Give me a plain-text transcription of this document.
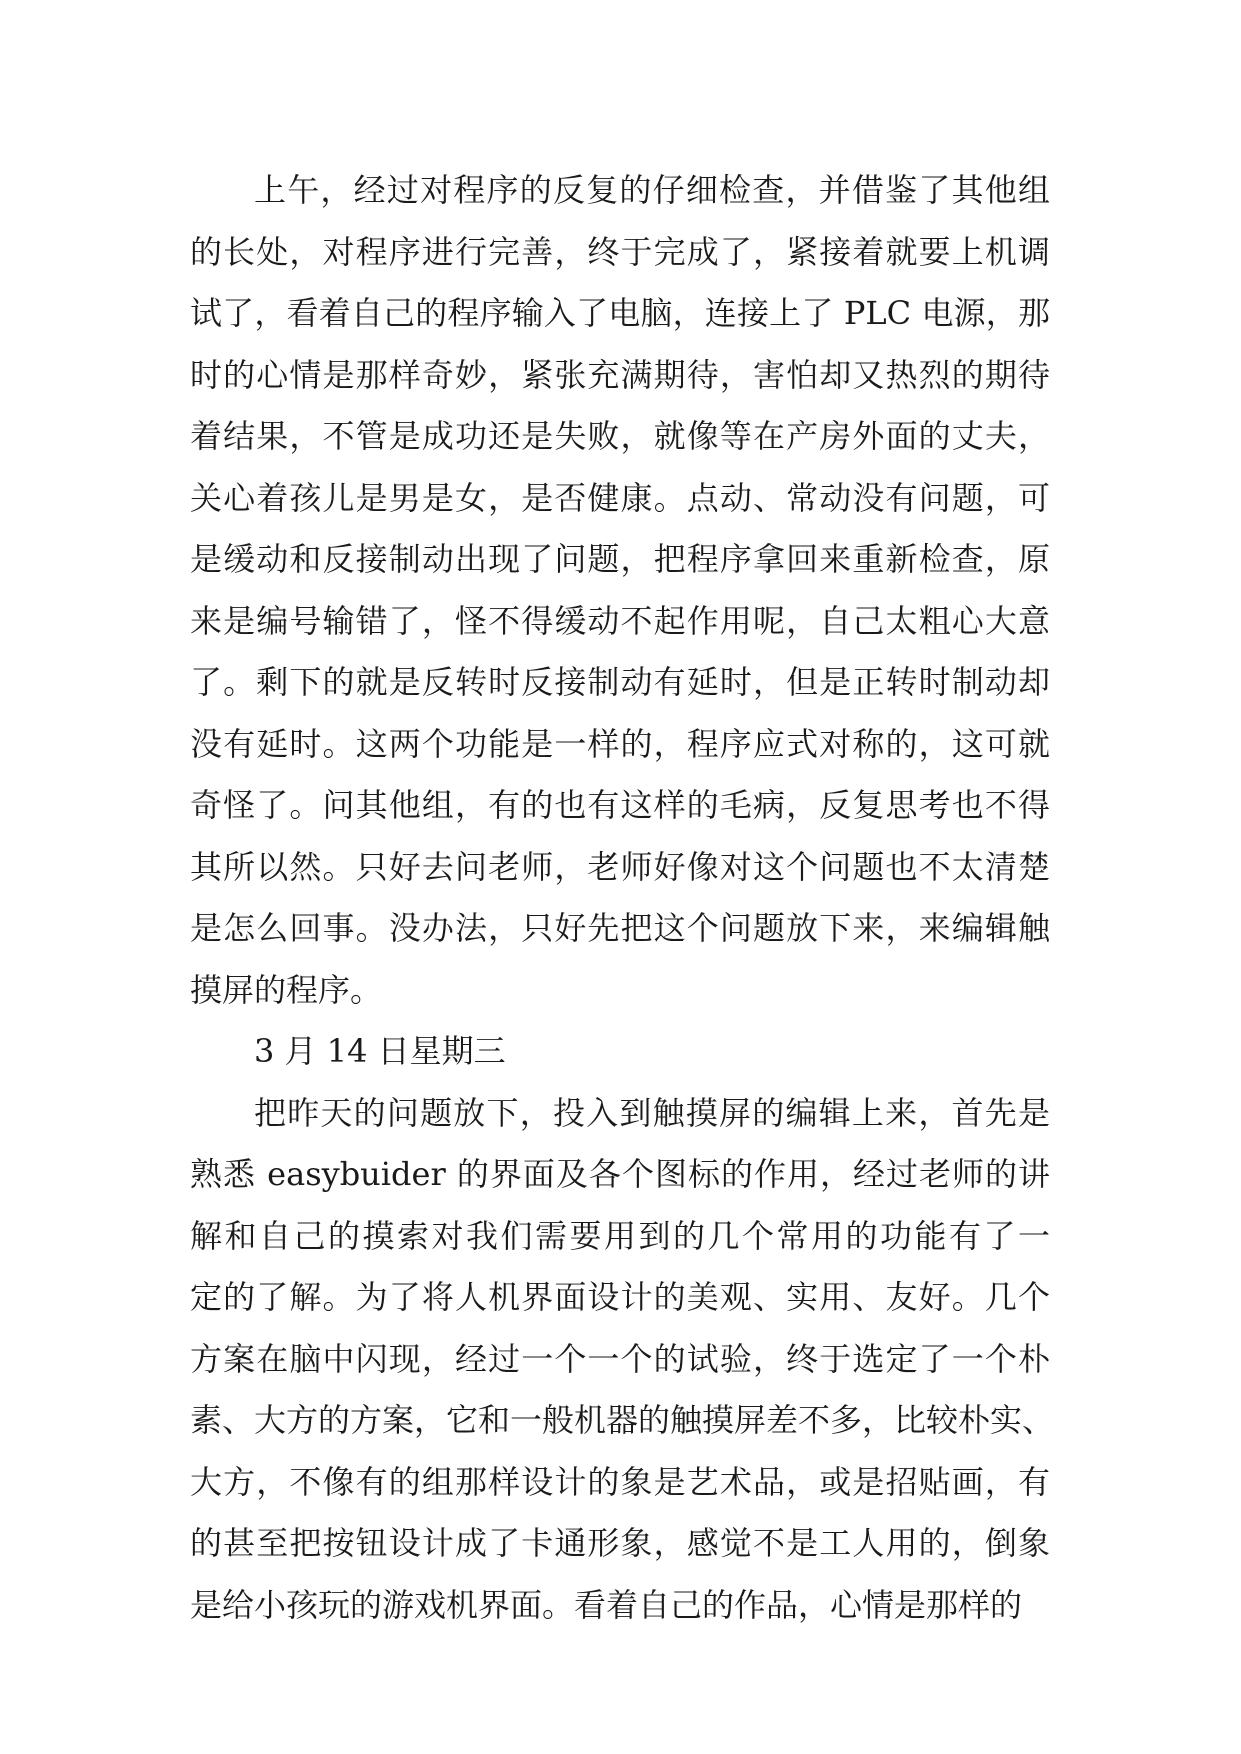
上午，经过对程序的反复的仔细检查，并借鉴了其他组
的长处，对程序进行完善，终于完成了，紧接着就要上机调
试了，看着自己的程序输入了电脑，连接上了 PLC 电源，那
时的心情是那样奇妙，紧张充满期待，害怕却又热烈的期待
着结果，不管是成功还是失败，就像等在产房外面的丈夫，
关心着孩儿是男是女，是否健康。点动、常动没有问题，可
是缓动和反接制动出现了问题，把程序拿回来重新检查，原
来是编号输错了，怪不得缓动不起作用呢，自己太粗心大意
了。剩下的就是反转时反接制动有延时，但是正转时制动却
没有延时。这两个功能是一样的，程序应式对称的，这可就
奇怪了。问其他组，有的也有这样的毛病，反复思考也不得
其所以然。只好去问老师，老师好像对这个问题也不太清楚
是怎么回事。没办法，只好先把这个问题放下来，来编辑触
摸屏的程序。
3 月 14 日星期三
把昨天的问题放下，投入到触摸屏的编辑上来，首先是
熟悉 easybuider 的界面及各个图标的作用，经过老师的讲
解和自己的摸索对我们需要用到的几个常用的功能有了一
定的了解。为了将人机界面设计的美观、实用、友好。几个
方案在脑中闪现，经过一个一个的试验，终于选定了一个朴
素、大方的方案，它和一般机器的触摸屏差不多，比较朴实、
大方，不像有的组那样设计的象是艺术品，或是招贴画，有
的甚至把按钮设计成了卡通形象，感觉不是工人用的，倒象
是给小孩玩的游戏机界面。看着自己的作品，心情是那样的
